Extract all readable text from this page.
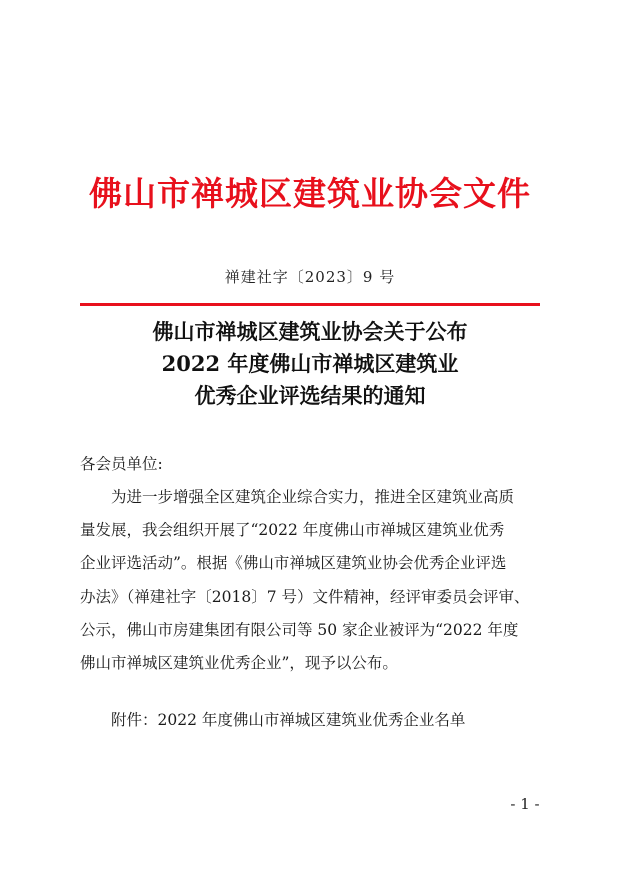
佛山市禅城区建筑业协会文件
禅建社字〔2023〕9 号
佛山市禅城区建筑业协会关于公布
2022 年度佛山市禅城区建筑业
优秀企业评选结果的通知
各会员单位:
为进一步增强全区建筑企业综合实力，推进全区建筑业高质
量发展，我会组织开展了“2022 年度佛山市禅城区建筑业优秀
企业评选活动”。根据《佛山市禅城区建筑业协会优秀企业评选
办法》（禅建社字〔2018〕7 号）文件精神，经评审委员会评审、
公示，佛山市房建集团有限公司等 50 家企业被评为“2022 年度
佛山市禅城区建筑业优秀企业”，现予以公布。
附件：2022 年度佛山市禅城区建筑业优秀企业名单
- 1 -
